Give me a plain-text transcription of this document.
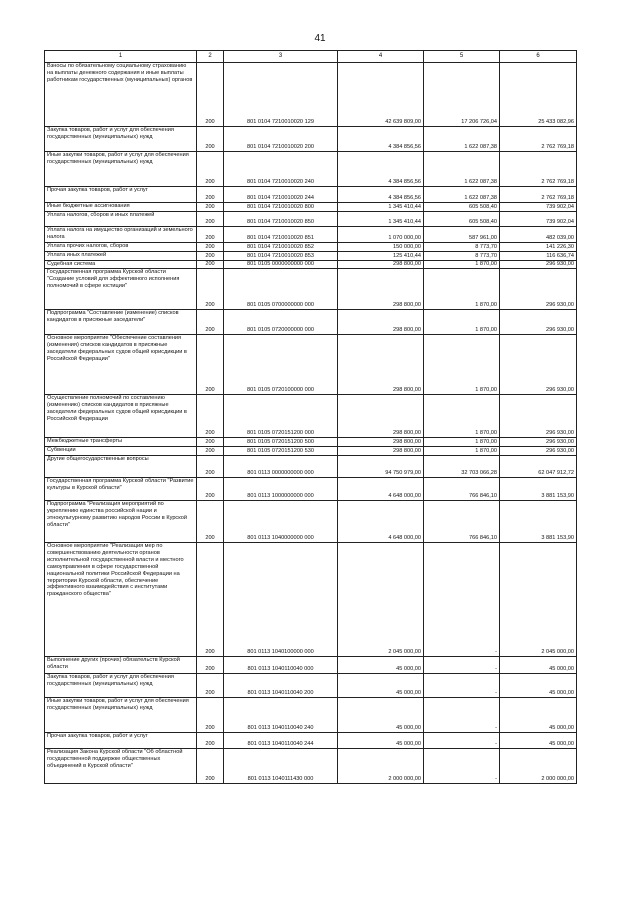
41
1	2	3	4	5	6
Взносы по обязательному социальному страхованию на выплаты денежного содержания и иные выплаты работникам государственных (муниципальных) органов	200	801 0104 7210010020 129	42 639 809,00	17 206 726,04	25 433 082,96
Закупка товаров, работ и услуг для обеспечения государственных (муниципальных) нужд	200	801 0104 7210010020 200	4 384 856,56	1 622 087,38	2 762 769,18
Иные закупки товаров, работ и услуг для обеспечения государственных (муниципальных) нужд	200	801 0104 7210010020 240	4 384 856,56	1 622 087,38	2 762 769,18
Прочая закупка товаров, работ и услуг	200	801 0104 7210010020 244	4 384 856,56	1 622 087,38	2 762 769,18
Иные бюджетные ассигнования	200	801 0104 7210010020 800	1 345 410,44	605 508,40	739 902,04
Уплата налогов, сборов и иных платежей	200	801 0104 7210010020 850	1 345 410,44	605 508,40	739 902,04
Уплата налога на имущество организаций и земельного налога	200	801 0104 7210010020 851	1 070 000,00	587 961,00	482 039,00
Уплата прочих налогов, сборов	200	801 0104 7210010020 852	150 000,00	8 773,70	141 226,30
Уплата иных платежей	200	801 0104 7210010020 853	125 410,44	8 773,70	116 636,74
Судебная система	200	801 0105 0000000000 000	298 800,00	1 870,00	296 930,00
Государственная программа Курской области "Создание условий для эффективного исполнения полномочий в сфере юстиции"	200	801 0105 0700000000 000	298 800,00	1 870,00	296 930,00
Подпрограмма "Составление (изменение) списков кандидатов в присяжные заседатели"	200	801 0105 0720000000 000	298 800,00	1 870,00	296 930,00
Основное мероприятие "Обеспечение составления (изменения) списков кандидатов в присяжные заседатели федеральных судов общей юрисдикции в Российской Федерации"	200	801 0105 0720100000 000	298 800,00	1 870,00	296 930,00
Осуществление полномочий по составлению (изменению) списков кандидатов в присяжные заседатели федеральных судов общей юрисдикции в Российской Федерации	200	801 0105 0720151200 000	298 800,00	1 870,00	296 930,00
Межбюджетные трансферты	200	801 0105 0720151200 500	298 800,00	1 870,00	296 930,00
Субвенции	200	801 0105 0720151200 530	298 800,00	1 870,00	296 930,00
Другие общегосударственные вопросы	200	801 0113 0000000000 000	94 750 979,00	32 703 066,28	62 047 912,72
Государственная программа Курской области "Развитие культуры в Курской области"	200	801 0113 1000000000 000	4 648 000,00	766 846,10	3 881 153,90
Подпрограмма "Реализация мероприятий по укреплению единства российской нации и этнокультурному развитию народов России в Курской области"	200	801 0113 1040000000 000	4 648 000,00	766 846,10	3 881 153,90
Основное мероприятие "Реализация мер по совершенствованию деятельности органов исполнительной государственной власти и местного самоуправления в сфере государственной национальной политики Российской Федерации на территории Курской области, обеспечение эффективного взаимодействия с институтами гражданского общества"	200	801 0113 1040100000 000	2 045 000,00	-	2 045 000,00
Выполнение других (прочих) обязательств Курской области	200	801 0113 1040110040 000	45 000,00	-	45 000,00
Закупка товаров, работ и услуг для обеспечения государственных (муниципальных) нужд	200	801 0113 1040110040 200	45 000,00	-	45 000,00
Иные закупки товаров, работ и услуг для обеспечения государственных (муниципальных) нужд	200	801 0113 1040110040 240	45 000,00	-	45 000,00
Прочая закупка товаров, работ и услуг	200	801 0113 1040110040 244	45 000,00	-	45 000,00
Реализация Закона Курской области "Об областной государственной поддержке общественных объединений в Курской области"	200	801 0113 1040111430 000	2 000 000,00	-	2 000 000,00
